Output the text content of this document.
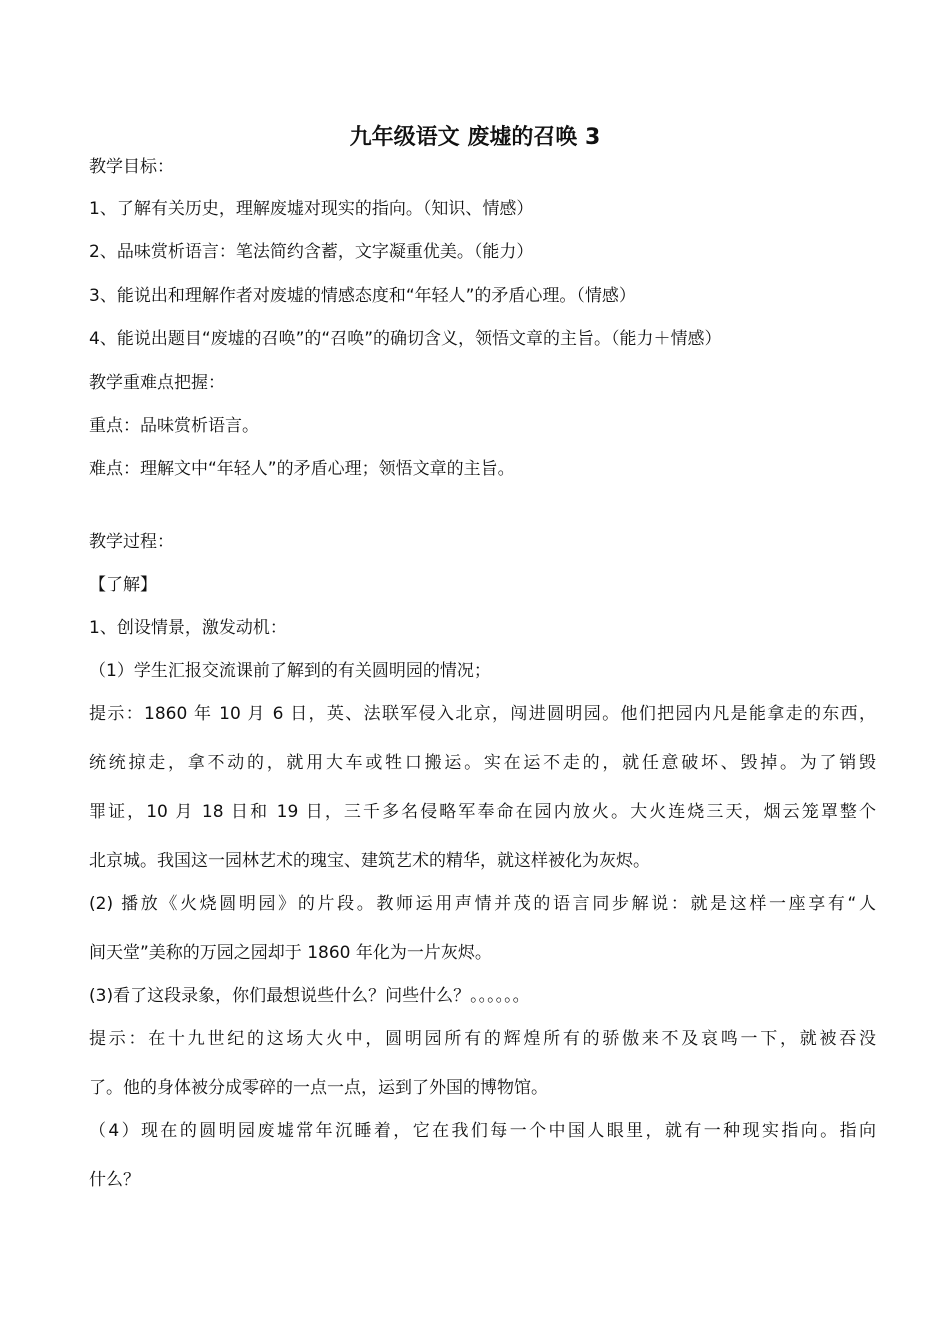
九年级语文 废墟的召唤 3
教学目标：
1、了解有关历史，理解废墟对现实的指向。（知识、情感）
2、品味赏析语言：笔法简约含蓄，文字凝重优美。（能力）
3、能说出和理解作者对废墟的情感态度和“年轻人”的矛盾心理。（情感）
4、能说出题目“废墟的召唤”的“召唤”的确切含义，领悟文章的主旨。（能力＋情感）
教学重难点把握：
重点：品味赏析语言。
难点：理解文中“年轻人”的矛盾心理；领悟文章的主旨。
教学过程：
【了解】
1、创设情景，激发动机：
（1）学生汇报交流课前了解到的有关圆明园的情况；
提示：1860 年 10 月 6 日，英、法联军侵入北京，闯进圆明园。他们把园内凡是能拿走的东西，
统统掠走，拿不动的，就用大车或牲口搬运。实在运不走的，就任意破坏、毁掉。为了销毁
罪证，10 月 18 日和 19 日，三千多名侵略军奉命在园内放火。大火连烧三天，烟云笼罩整个
北京城。我国这一园林艺术的瑰宝、建筑艺术的精华，就这样被化为灰烬。
(2) 播放《火烧圆明园》的片段。教师运用声情并茂的语言同步解说：就是这样一座享有“人
间天堂”美称的万园之园却于 1860 年化为一片灰烬。
(3)看了这段录象，你们最想说些什么？问些什么？。。。。。。
提示：在十九世纪的这场大火中，圆明园所有的辉煌所有的骄傲来不及哀鸣一下，就被吞没
了。他的身体被分成零碎的一点一点，运到了外国的博物馆。
（4）现在的圆明园废墟常年沉睡着，它在我们每一个中国人眼里，就有一种现实指向。指向
什么？
